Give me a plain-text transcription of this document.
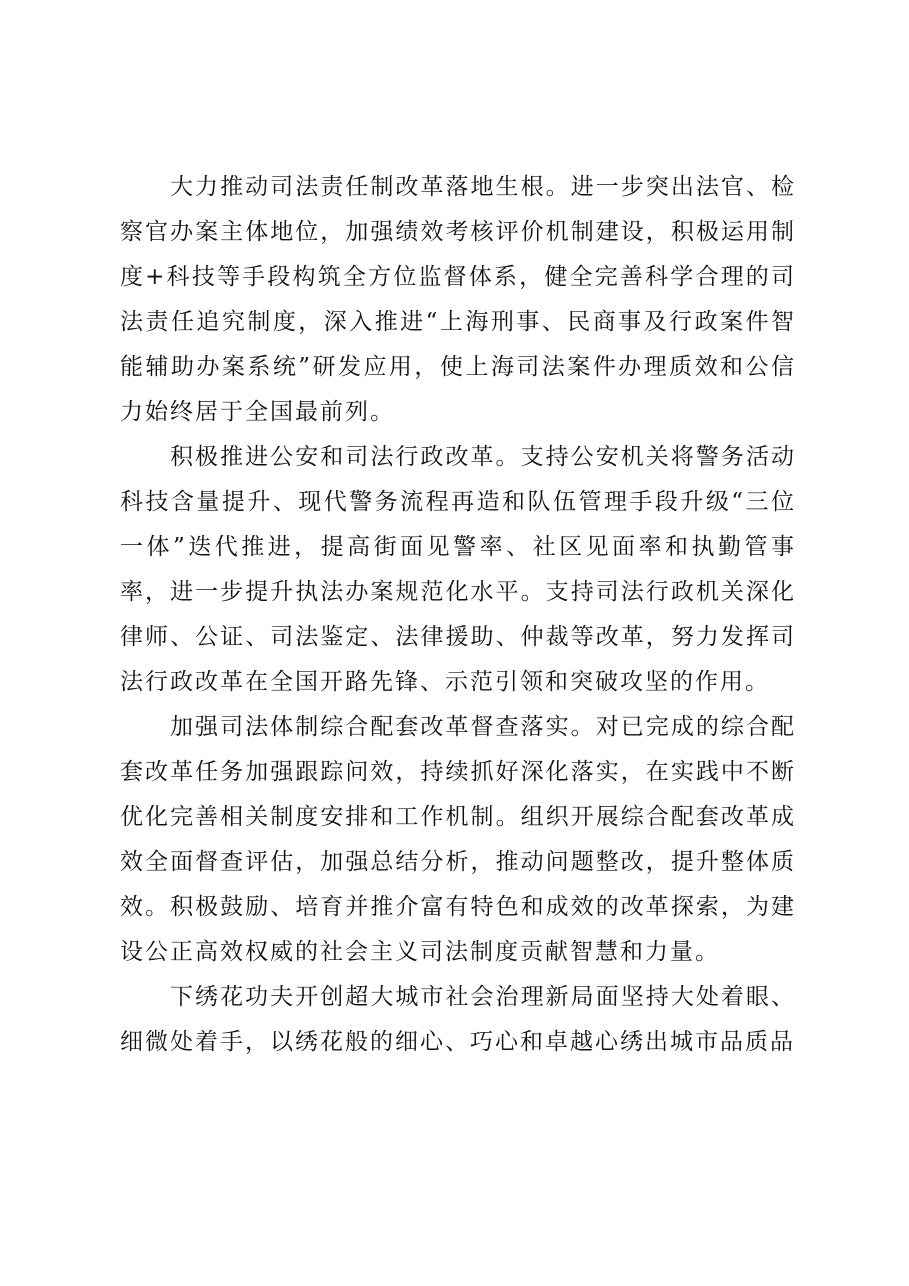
大力推动司法责任制改革落地生根。进一步突出法官、检察官办案主体地位，加强绩效考核评价机制建设，积极运用制度+科技等手段构筑全方位监督体系，健全完善科学合理的司法责任追究制度，深入推进“上海刑事、民商事及行政案件智能辅助办案系统”研发应用，使上海司法案件办理质效和公信力始终居于全国最前列。

积极推进公安和司法行政改革。支持公安机关将警务活动科技含量提升、现代警务流程再造和队伍管理手段升级“三位一体”迭代推进，提高街面见警率、社区见面率和执勤管事率，进一步提升执法办案规范化水平。支持司法行政机关深化律师、公证、司法鉴定、法律援助、仲裁等改革，努力发挥司法行政改革在全国开路先锋、示范引领和突破攻坚的作用。

加强司法体制综合配套改革督查落实。对已完成的综合配套改革任务加强跟踪问效，持续抓好深化落实，在实践中不断优化完善相关制度安排和工作机制。组织开展综合配套改革成效全面督查评估，加强总结分析，推动问题整改，提升整体质效。积极鼓励、培育并推介富有特色和成效的改革探索，为建设公正高效权威的社会主义司法制度贡献智慧和力量。

下绣花功夫开创超大城市社会治理新局面坚持大处着眼、细微处着手，以绣花般的细心、巧心和卓越心绣出城市品质品
